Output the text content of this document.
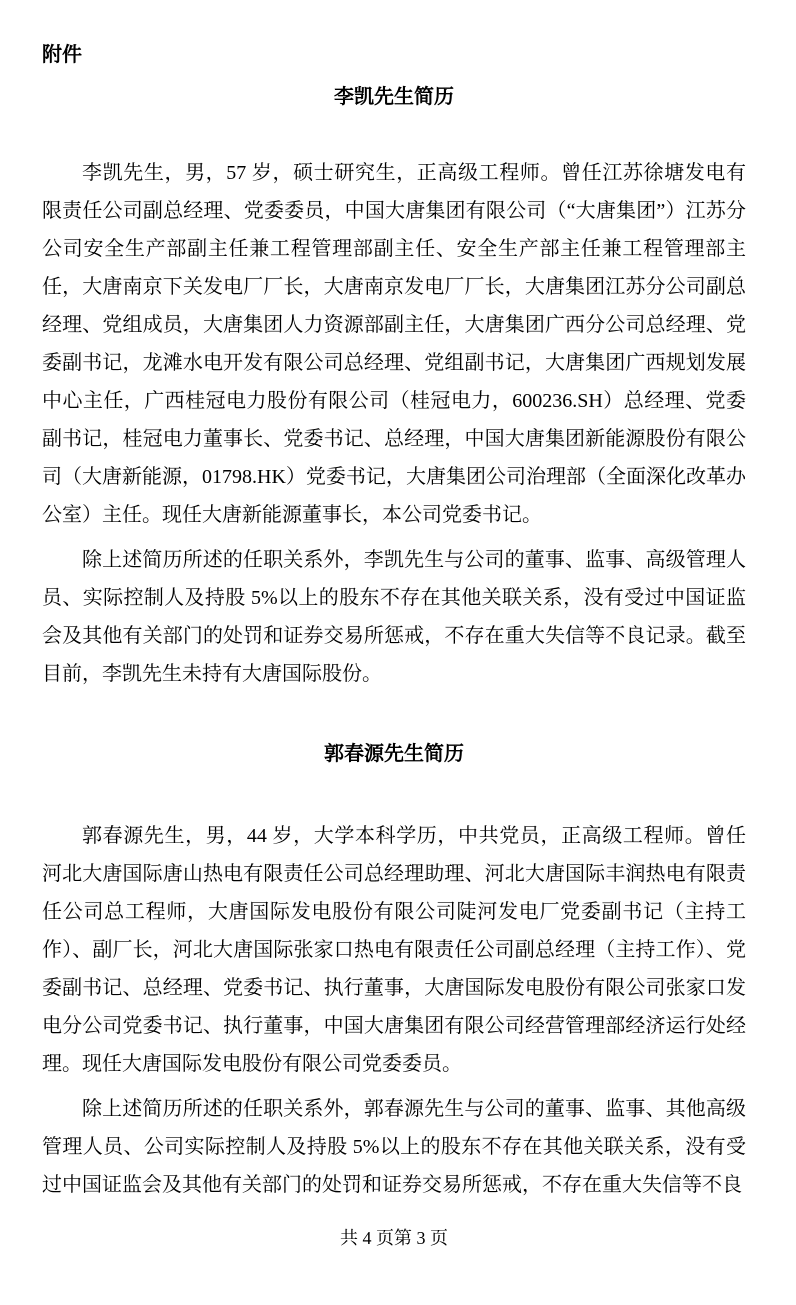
附件
李凯先生简历

李凯先生，男，57 岁，硕士研究生，正高级工程师。曾任江苏徐塘发电有限责任公司副总经理、党委委员，中国大唐集团有限公司（“大唐集团”）江苏分公司安全生产部副主任兼工程管理部副主任、安全生产部主任兼工程管理部主任，大唐南京下关发电厂厂长，大唐南京发电厂厂长，大唐集团江苏分公司副总经理、党组成员，大唐集团人力资源部副主任，大唐集团广西分公司总经理、党委副书记，龙滩水电开发有限公司总经理、党组副书记，大唐集团广西规划发展中心主任，广西桂冠电力股份有限公司（桂冠电力，600236.SH）总经理、党委副书记，桂冠电力董事长、党委书记、总经理，中国大唐集团新能源股份有限公司（大唐新能源，01798.HK）党委书记，大唐集团公司治理部（全面深化改革办公室）主任。现任大唐新能源董事长，本公司党委书记。

除上述简历所述的任职关系外，李凯先生与公司的董事、监事、高级管理人员、实际控制人及持股 5%以上的股东不存在其他关联关系，没有受过中国证监会及其他有关部门的处罚和证券交易所惩戒，不存在重大失信等不良记录。截至目前，李凯先生未持有大唐国际股份。

郭春源先生简历

郭春源先生，男，44 岁，大学本科学历，中共党员，正高级工程师。曾任河北大唐国际唐山热电有限责任公司总经理助理、河北大唐国际丰润热电有限责任公司总工程师，大唐国际发电股份有限公司陡河发电厂党委副书记（主持工作）、副厂长，河北大唐国际张家口热电有限责任公司副总经理（主持工作）、党委副书记、总经理、党委书记、执行董事，大唐国际发电股份有限公司张家口发电分公司党委书记、执行董事，中国大唐集团有限公司经营管理部经济运行处经理。现任大唐国际发电股份有限公司党委委员。

除上述简历所述的任职关系外，郭春源先生与公司的董事、监事、其他高级管理人员、公司实际控制人及持股 5%以上的股东不存在其他关联关系，没有受过中国证监会及其他有关部门的处罚和证券交易所惩戒，不存在重大失信等不良

共 4 页第 3 页
